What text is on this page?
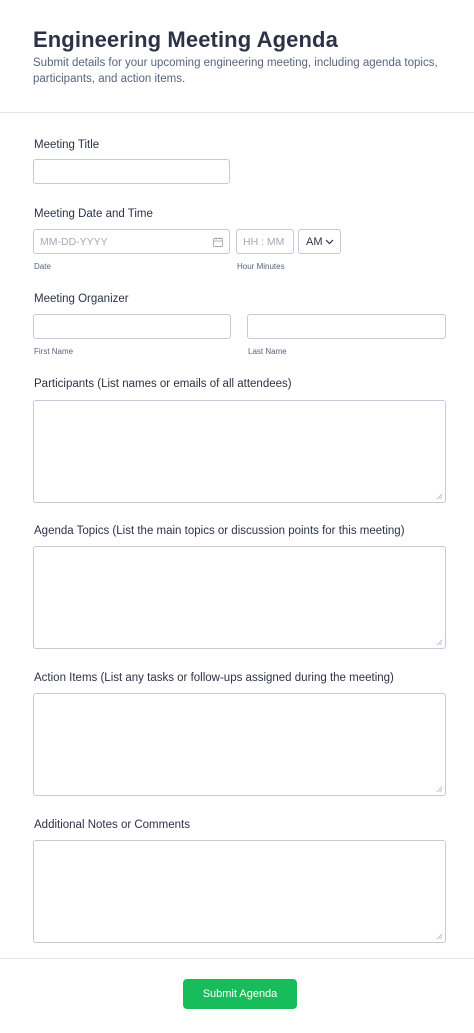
Engineering Meeting Agenda
Submit details for your upcoming engineering meeting, including agenda topics, participants, and action items.
Meeting Title
Meeting Date and Time
MM-DD-YYYY
Date
HH : MM
Hour Minutes
AM
Meeting Organizer
First Name	Last Name
Participants (List names or emails of all attendees)
Agenda Topics (List the main topics or discussion points for this meeting)
Action Items (List any tasks or follow-ups assigned during the meeting)
Additional Notes or Comments
Submit Agenda
